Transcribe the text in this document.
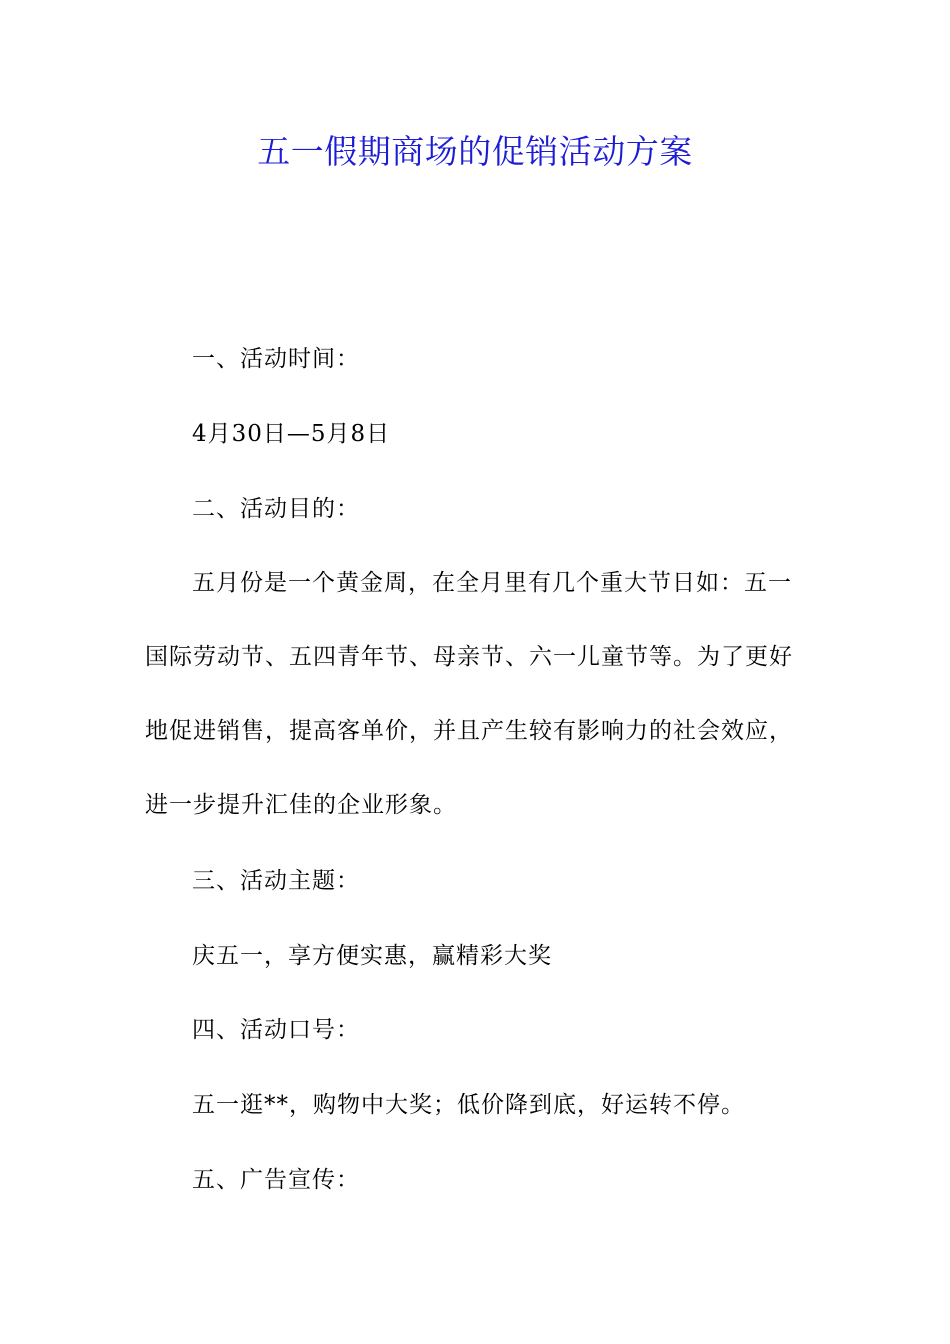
五一假期商场的促销活动方案
一、活动时间：
4月30日—5月8日
二、活动目的：
五月份是一个黄金周，在全月里有几个重大节日如：五一国际劳动节、五四青年节、母亲节、六一儿童节等。为了更好地促进销售，提高客单价，并且产生较有影响力的社会效应，进一步提升汇佳的企业形象。
三、活动主题：
庆五一，享方便实惠，赢精彩大奖
四、活动口号：
五一逛**，购物中大奖；低价降到底，好运转不停。
五、广告宣传：
